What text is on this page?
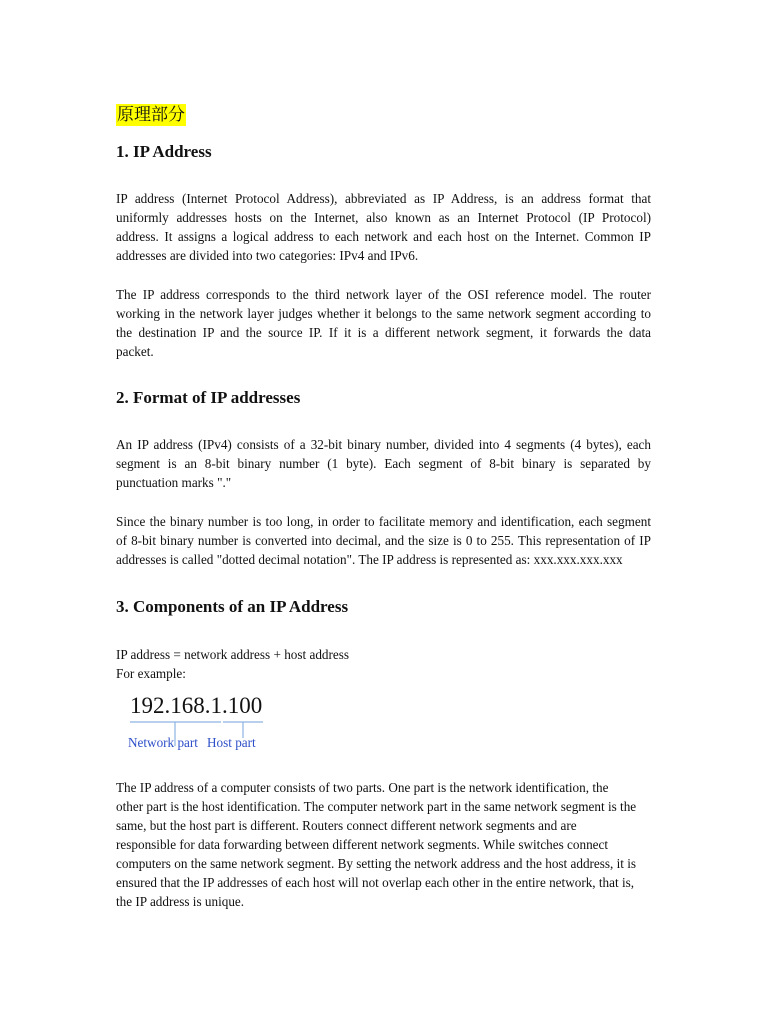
原理部分
1. IP Address
IP address (Internet Protocol Address), abbreviated as IP Address, is an address format that
uniformly addresses hosts on the Internet, also known as an Internet Protocol (IP Protocol)
address. It assigns a logical address to each network and each host on the Internet. Common IP
addresses are divided into two categories: IPv4 and IPv6.
The IP address corresponds to the third network layer of the OSI reference model. The router
working in the network layer judges whether it belongs to the same network segment according to
the destination IP and the source IP. If it is a different network segment, it forwards the data
packet.
2. Format of IP addresses
An IP address (IPv4) consists of a 32-bit binary number, divided into 4 segments (4 bytes), each
segment is an 8-bit binary number (1 byte). Each segment of 8-bit binary is separated by
punctuation marks "."
Since the binary number is too long, in order to facilitate memory and identification, each segment
of 8-bit binary number is converted into decimal, and the size is 0 to 255. This representation of IP
addresses is called "dotted decimal notation". The IP address is represented as: xxx.xxx.xxx.xxx
3. Components of an IP Address
IP address = network address + host address
For example:
192.168.1.100
Network part Host part
The IP address of a computer consists of two parts. One part is the network identification, the
other part is the host identification. The computer network part in the same network segment is the
same, but the host part is different. Routers connect different network segments and are
responsible for data forwarding between different network segments. While switches connect
computers on the same network segment. By setting the network address and the host address, it is
ensured that the IP addresses of each host will not overlap each other in the entire network, that is,
the IP address is unique.
